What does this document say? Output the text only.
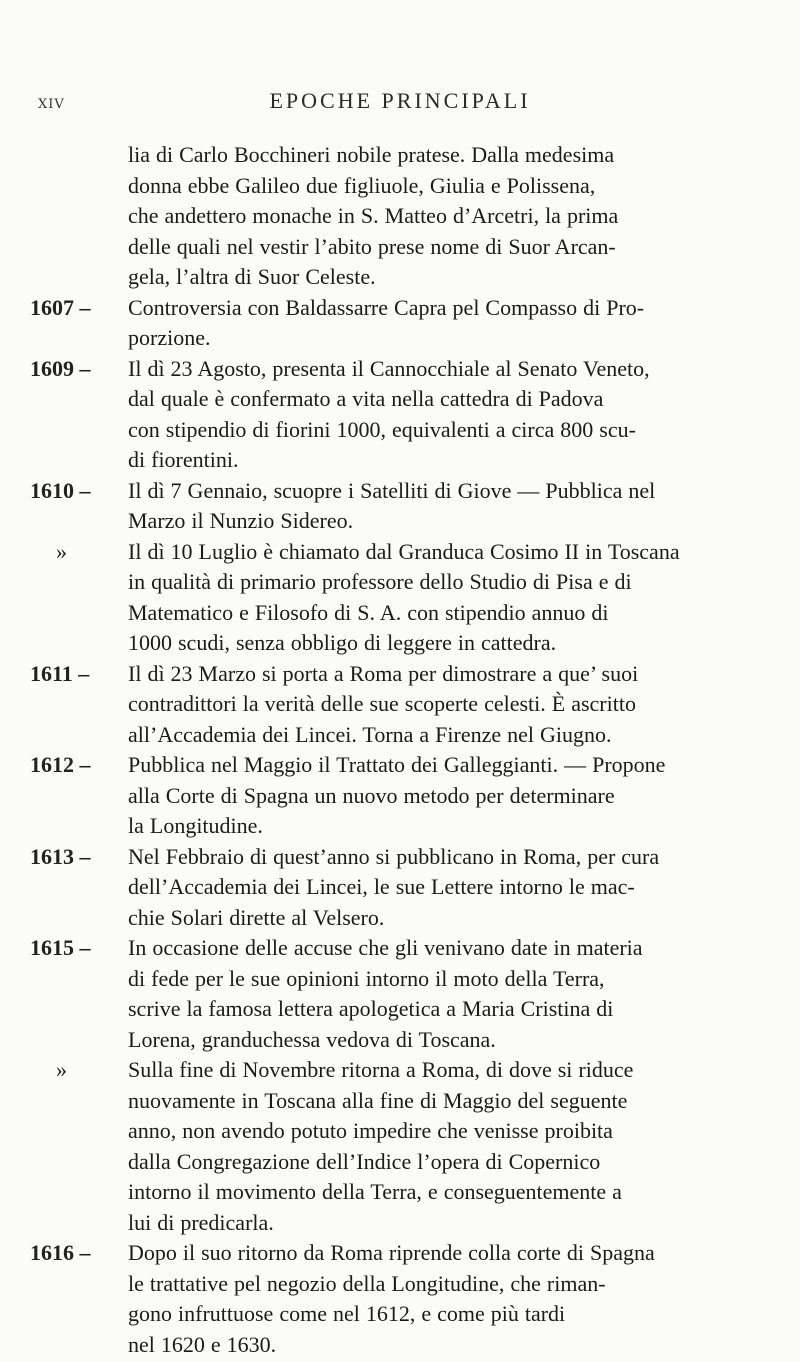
XIV	EPOCHE PRINCIPALI
lia di Carlo Bocchineri nobile pratese. Dalla medesima
donna ebbe Galileo due figliuole, Giulia e Polissena,
che andettero monache in S. Matteo d’Arcetri, la prima
delle quali nel vestir l’abito prese nome di Suor Arcan-
gela, l’altra di Suor Celeste.
1607 –	Controversia con Baldassarre Capra pel Compasso di Pro-
porzione.
1609 –	Il dì 23 Agosto, presenta il Cannocchiale al Senato Veneto,
dal quale è confermato a vita nella cattedra di Padova
con stipendio di fiorini 1000, equivalenti a circa 800 scu-
di fiorentini.
1610 –	Il dì 7 Gennaio, scuopre i Satelliti di Giove — Pubblica nel
Marzo il Nunzio Sidereo.
»	Il dì 10 Luglio è chiamato dal Granduca Cosimo II in Toscana
in qualità di primario professore dello Studio di Pisa e di
Matematico e Filosofo di S. A. con stipendio annuo di
1000 scudi, senza obbligo di leggere in cattedra.
1611 –	Il dì 23 Marzo si porta a Roma per dimostrare a que’ suoi
contradittori la verità delle sue scoperte celesti. È ascritto
all’Accademia dei Lincei. Torna a Firenze nel Giugno.
1612 –	Pubblica nel Maggio il Trattato dei Galleggianti. — Propone
alla Corte di Spagna un nuovo metodo per determinare
la Longitudine.
1613 –	Nel Febbraio di quest’anno si pubblicano in Roma, per cura
dell’Accademia dei Lincei, le sue Lettere intorno le mac-
chie Solari dirette al Velsero.
1615 –	In occasione delle accuse che gli venivano date in materia
di fede per le sue opinioni intorno il moto della Terra,
scrive la famosa lettera apologetica a Maria Cristina di
Lorena, granduchessa vedova di Toscana.
»	Sulla fine di Novembre ritorna a Roma, di dove si riduce
nuovamente in Toscana alla fine di Maggio del seguente
anno, non avendo potuto impedire che venisse proibita
dalla Congregazione dell’Indice l’opera di Copernico
intorno il movimento della Terra, e conseguentemente a
lui di predicarla.
1616 –	Dopo il suo ritorno da Roma riprende colla corte di Spagna
le trattative pel negozio della Longitudine, che riman-
gono infruttuose come nel 1612, e come più tardi
nel 1620 e 1630.
